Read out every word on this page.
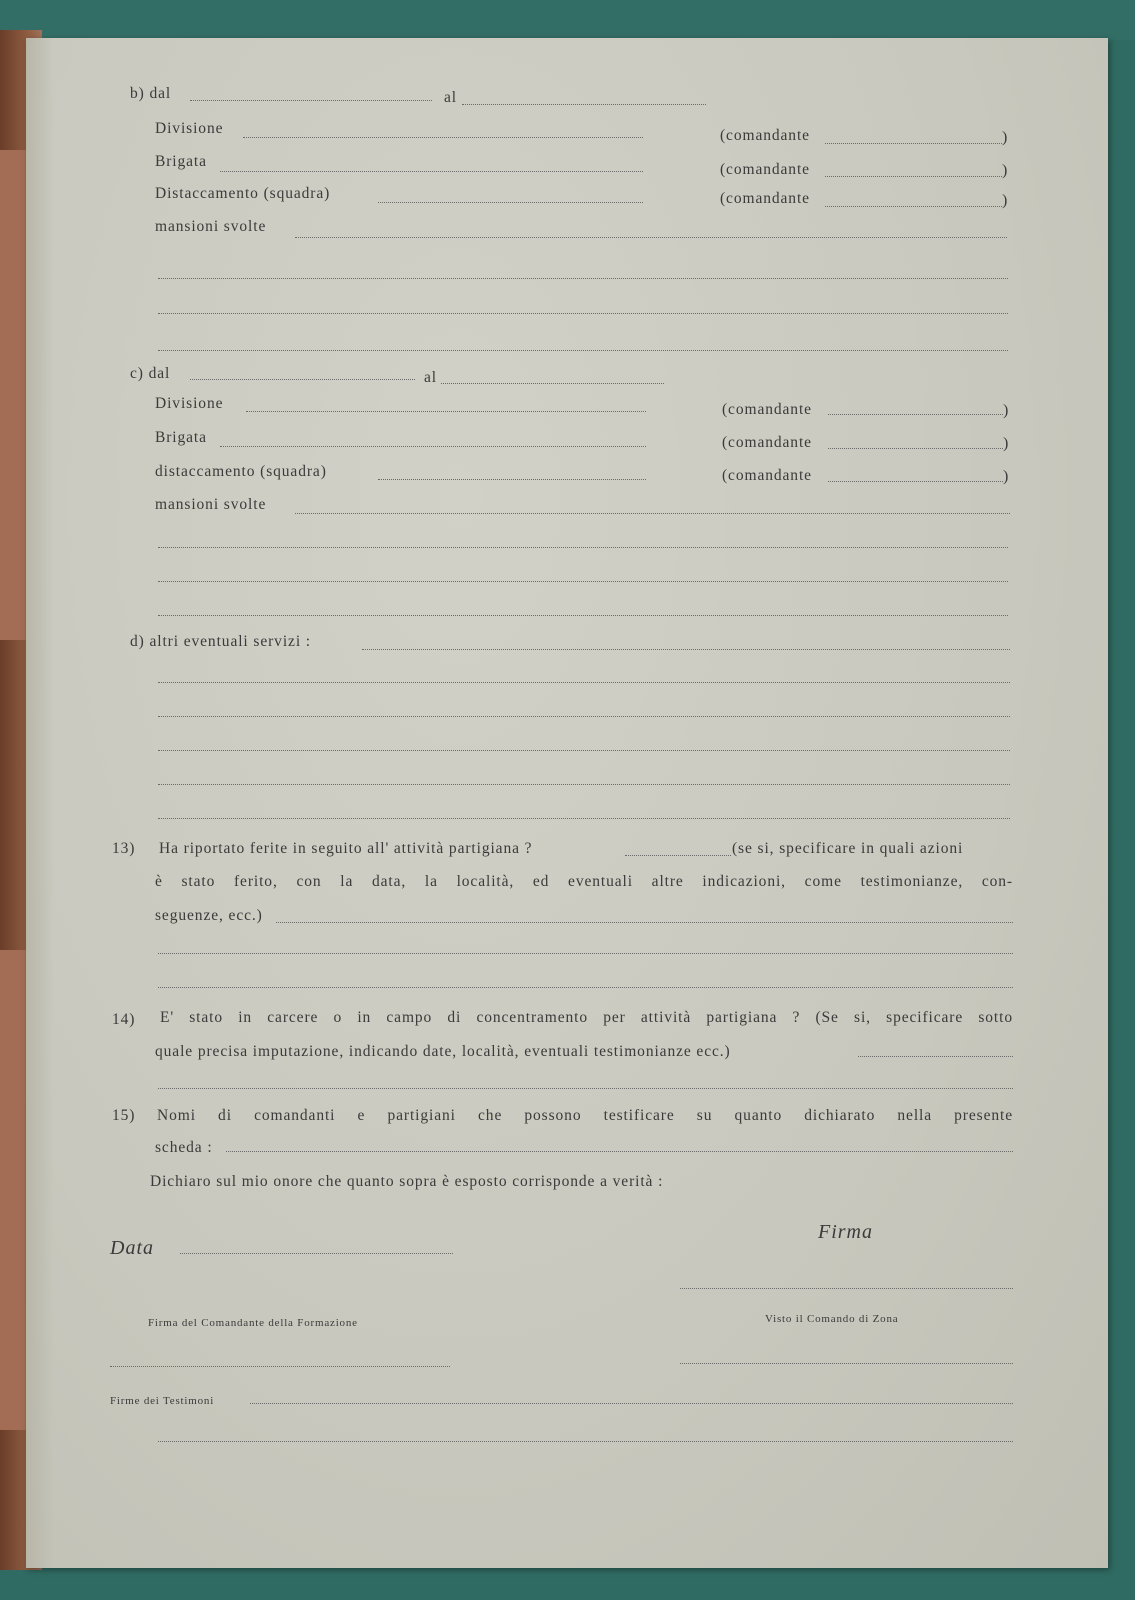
b) dal	al
Divisione	(comandante	)
Brigata	(comandante	)
Distaccamento (squadra)	(comandante	)
mansioni svolte
c) dal	al
Divisione	(comandante	)
Brigata	(comandante	)
distaccamento (squadra)	(comandante	)
mansioni svolte
d) altri eventuali servizi :
13) Ha riportato ferite in seguito all' attività partigiana ?	(se si, specificare in quali azioni
è stato ferito, con la data, la località, ed eventuali altre indicazioni, come testimonianze, con-
seguenze, ecc.)
14) E' stato in carcere o in campo di concentramento per attività partigiana ? (Se si, specificare sotto
quale precisa imputazione, indicando date, località, eventuali testimonianze ecc.)
15) Nomi di comandanti e partigiani che possono testificare su quanto dichiarato nella presente
scheda :
Dichiaro sul mio onore che quanto sopra è esposto corrisponde a verità :
Data
Firma
Firma del Comandante della Formazione	Visto il Comando di Zona
Firme dei Testimoni
